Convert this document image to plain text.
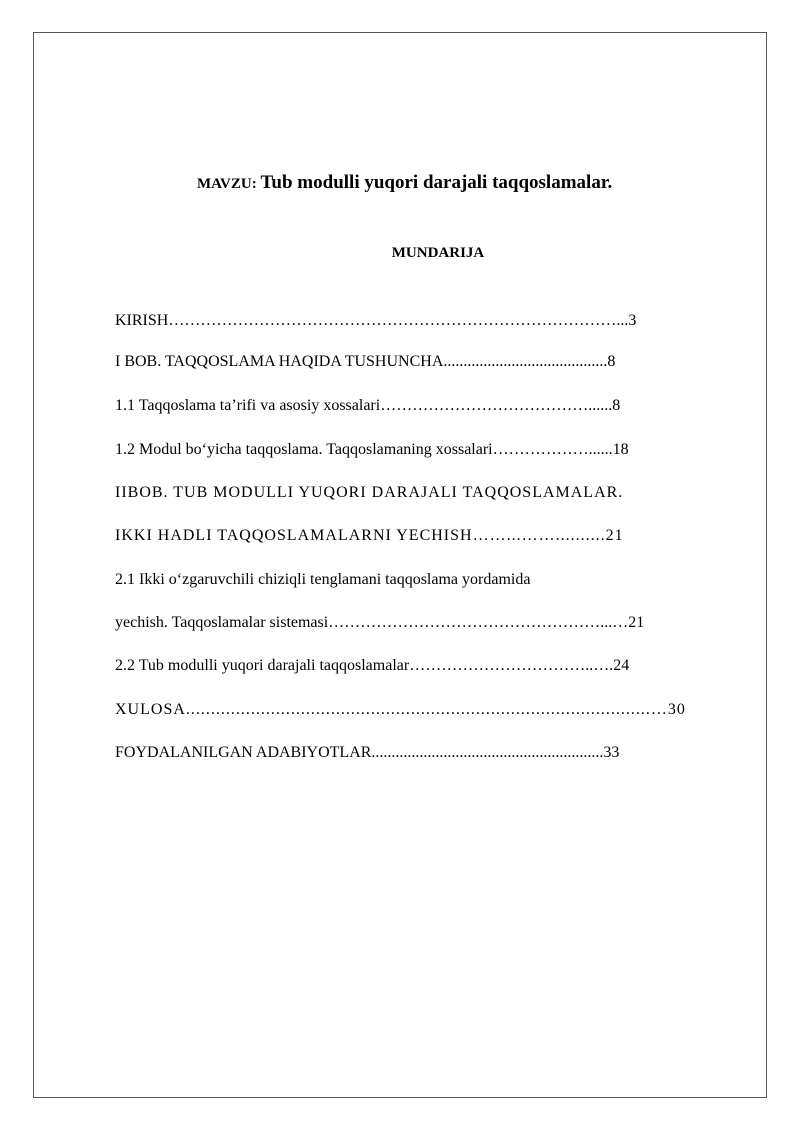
MAVZU: Tub modulli yuqori darajali taqqoslamalar.
MUNDARIJA
KIRISH…………………………………………………………………………...3
I BOB. TAQQOSLAMA HAQIDA TUSHUNCHA.........................................8
1.1 Taqqoslama ta’rifi va asosiy xossalari…………………………………......8
1.2 Modul bo‘yicha taqqoslama. Taqqoslamaning xossalari………………......18
IIBOB. TUB MODULLI YUQORI DARAJALI TAQQOSLAMALAR.
IKKI HADLI TAQQOSLAMALARNI YECHISH……...……..........21
2.1 Ikki o‘zgaruvchili chiziqli tenglamani taqqoslama yordamida
yechish. Taqqoslamalar sistemasi……………………………………………...…21
2.2 Tub modulli yuqori darajali taqqoslamalar……………………………..….24
XULOSA.............................................................................................…30
FOYDALANILGAN ADABIYOTLAR..........................................................33
